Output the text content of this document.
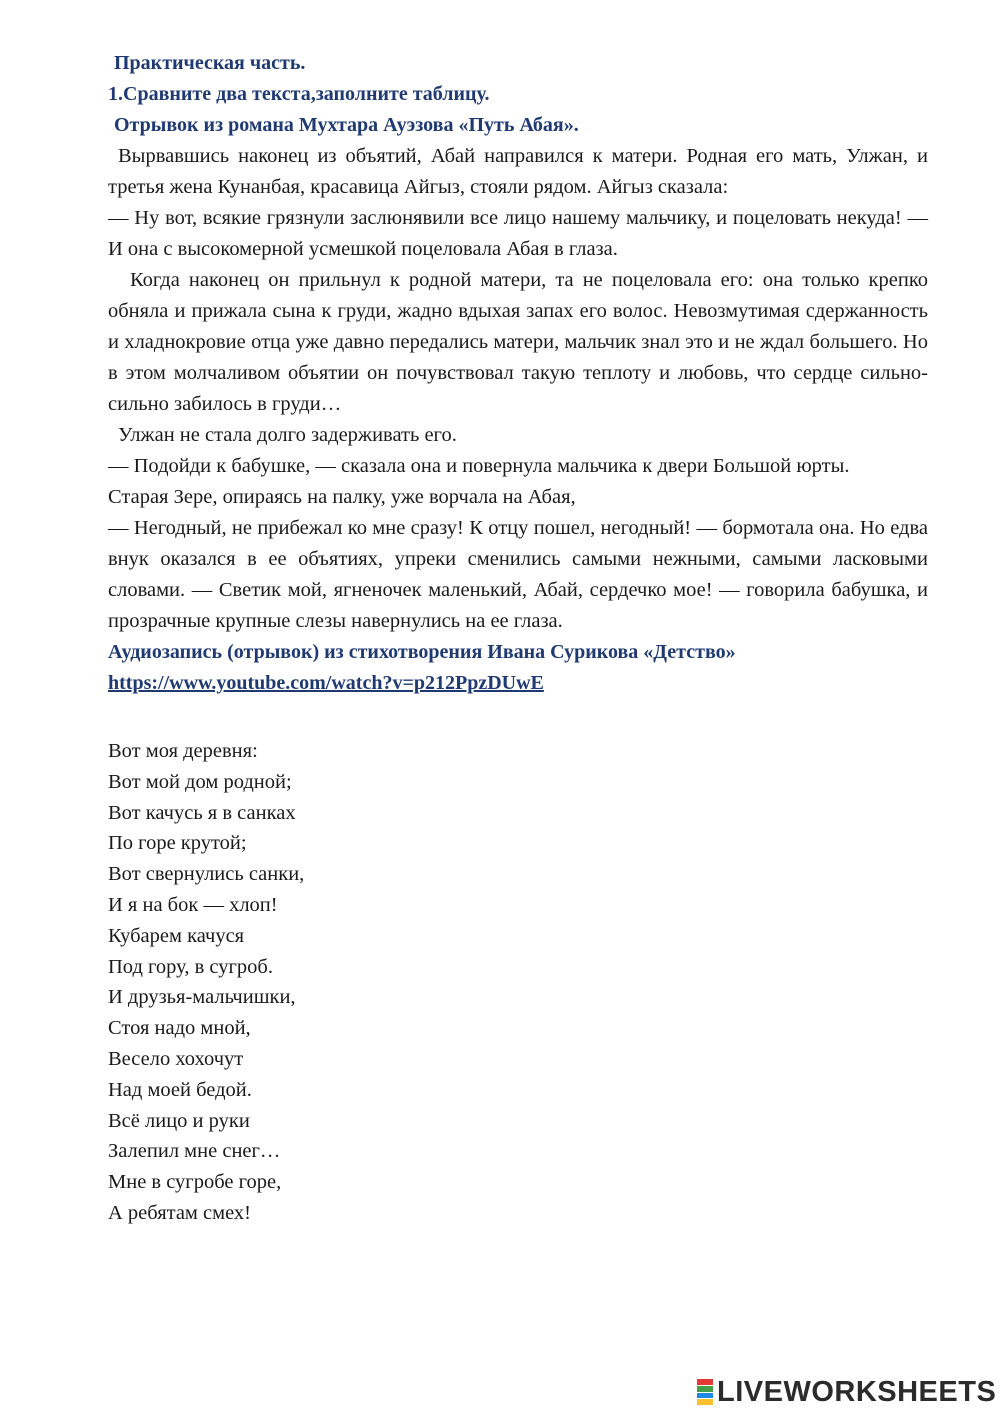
Практическая часть.

1.Сравните два текста,заполните таблицу.

Отрывок из романа Мухтара Ауэзова «Путь Абая».

Вырвавшись наконец из объятий, Абай направился к матери. Родная его мать, Улжан, и третья жена Кунанбая, красавица Айгыз, стояли рядом. Айгыз сказала:

— Ну вот, всякие грязнули заслюнявили все лицо нашему мальчику, и поцеловать некуда! — И она с высокомерной усмешкой поцеловала Абая в глаза.

Когда наконец он прильнул к родной матери, та не поцеловала его: она только крепко обняла и прижала сына к груди, жадно вдыхая запах его волос. Невозмутимая сдержанность и хладнокровие отца уже давно передались матери, мальчик знал это и не ждал большего. Но в этом молчаливом объятии он почувствовал такую теплоту и любовь, что сердце сильно-сильно забилось в груди…

Улжан не стала долго задерживать его.

— Подойди к бабушке, — сказала она и повернула мальчика к двери Большой юрты.

Старая Зере, опираясь на палку, уже ворчала на Абая,

— Негодный, не прибежал ко мне сразу! К отцу пошел, негодный! — бормотала она. Но едва внук оказался в ее объятиях, упреки сменились самыми нежными, самыми ласковыми словами. — Светик мой, ягненочек маленький, Абай, сердечко мое! — говорила бабушка, и прозрачные крупные слезы навернулись на ее глаза.

Аудиозапись (отрывок) из стихотворения Ивана Сурикова «Детство»

https://www.youtube.com/watch?v=p212PpzDUwE
Вот моя деревня:
Вот мой дом родной;
Вот качусь я в санках
По горе крутой;
Вот свернулись санки,
И я на бок — хлоп!
Кубарем качуся
Под гору, в сугроб.
И друзья-мальчишки,
Стоя надо мной,
Весело хохочут
Над моей бедой.
Всё лицо и руки
Залепил мне снег…
Мне в сугробе горе,
А ребятам смех!
LIVEWORKSHEETS
